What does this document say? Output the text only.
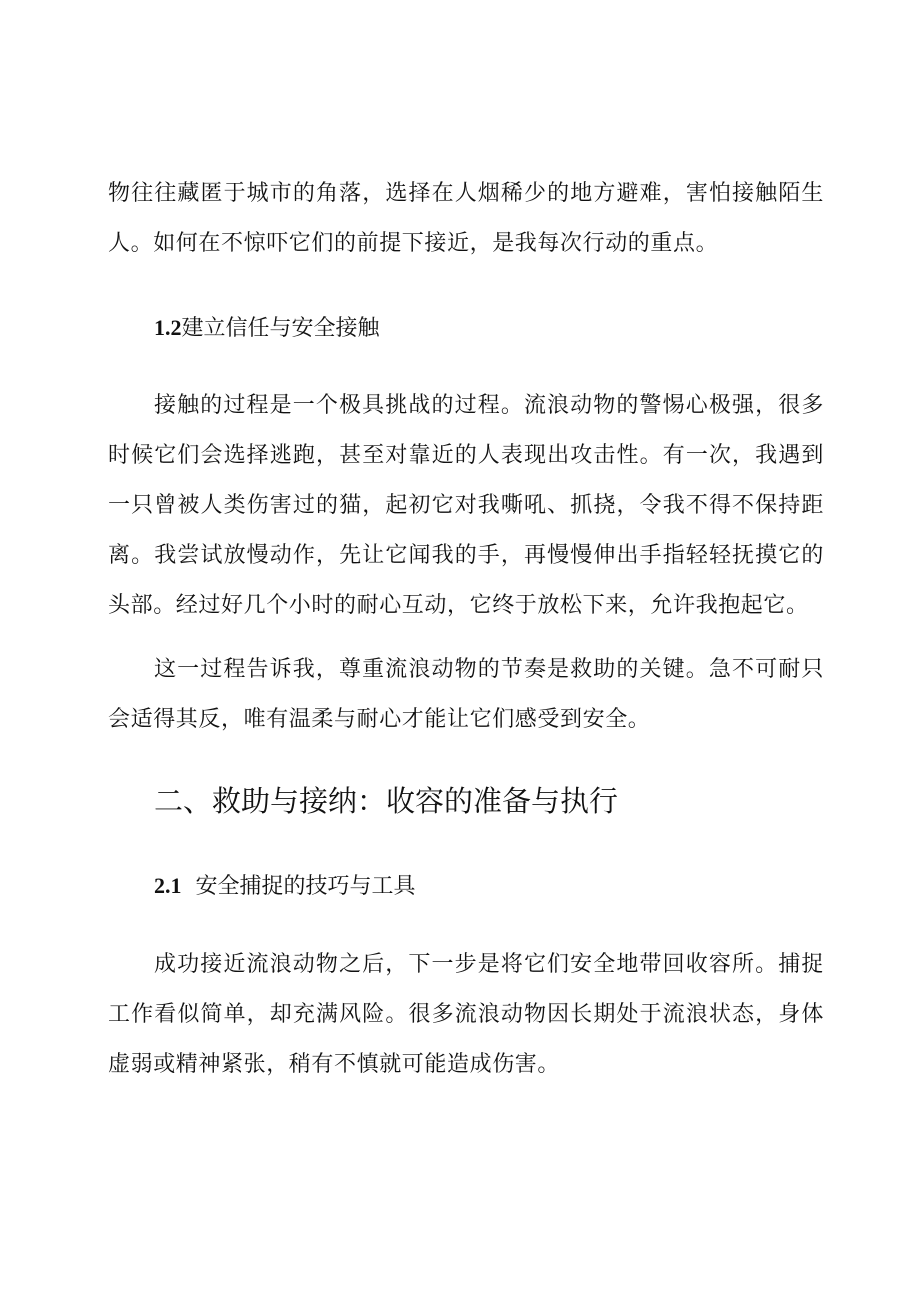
物往往藏匿于城市的角落，选择在人烟稀少的地方避难，害怕接触陌生人。如何在不惊吓它们的前提下接近，是我每次行动的重点。

1.2建立信任与安全接触

接触的过程是一个极具挑战的过程。流浪动物的警惕心极强，很多时候它们会选择逃跑，甚至对靠近的人表现出攻击性。有一次，我遇到一只曾被人类伤害过的猫，起初它对我嘶吼、抓挠，令我不得不保持距离。我尝试放慢动作，先让它闻我的手，再慢慢伸出手指轻轻抚摸它的头部。经过好几个小时的耐心互动，它终于放松下来，允许我抱起它。

这一过程告诉我，尊重流浪动物的节奏是救助的关键。急不可耐只会适得其反，唯有温柔与耐心才能让它们感受到安全。

二、救助与接纳：收容的准备与执行
2.1 安全捕捉的技巧与工具

成功接近流浪动物之后，下一步是将它们安全地带回收容所。捕捉工作看似简单，却充满风险。很多流浪动物因长期处于流浪状态，身体虚弱或精神紧张，稍有不慎就可能造成伤害。
